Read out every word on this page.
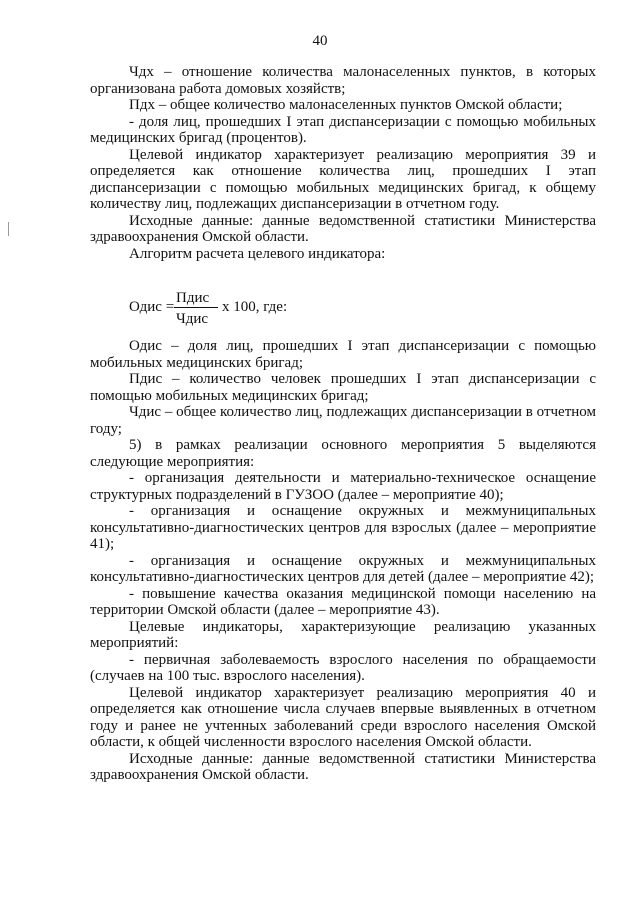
40

Чдх – отношение количества малонаселенных пунктов, в которых организована работа домовых хозяйств;

Пдх – общее количество малонаселенных пунктов Омской области;

- доля лиц, прошедших I этап диспансеризации с помощью мобильных медицинских бригад (процентов).

Целевой индикатор характеризует реализацию мероприятия 39 и определяется как отношение количества лиц, прошедших I этап диспансеризации с помощью мобильных медицинских бригад, к общему количеству лиц, подлежащих диспансеризации в отчетном году.

Исходные данные: данные ведомственной статистики Министерства здравоохранения Омской области.

Алгоритм расчета целевого индикатора:

Одис =
Пдис
Чдис
x 100, где:

Одис – доля лиц, прошедших I этап диспансеризации с помощью мобильных медицинских бригад;

Пдис – количество человек прошедших I этап диспансеризации с помощью мобильных медицинских бригад;

Чдис – общее количество лиц, подлежащих диспансеризации в отчетном году;

5) в рамках реализации основного мероприятия 5 выделяются следующие мероприятия:

- организация деятельности и материально-техническое оснащение структурных подразделений в ГУЗОО (далее – мероприятие 40);

- организация и оснащение окружных и межмуниципальных консультативно-диагностических центров для взрослых (далее – мероприятие 41);

- организация и оснащение окружных и межмуниципальных консультативно-диагностических центров для детей (далее – мероприятие 42);

- повышение качества оказания медицинской помощи населению на территории Омской области (далее – мероприятие 43).

Целевые индикаторы, характеризующие реализацию указанных мероприятий:

- первичная заболеваемость взрослого населения по обращаемости (случаев на 100 тыс. взрослого населения).

Целевой индикатор характеризует реализацию мероприятия 40 и определяется как отношение числа случаев впервые выявленных в отчетном году и ранее не учтенных заболеваний среди взрослого населения Омской области, к общей численности взрослого населения Омской области.

Исходные данные: данные ведомственной статистики Министерства здравоохранения Омской области.
